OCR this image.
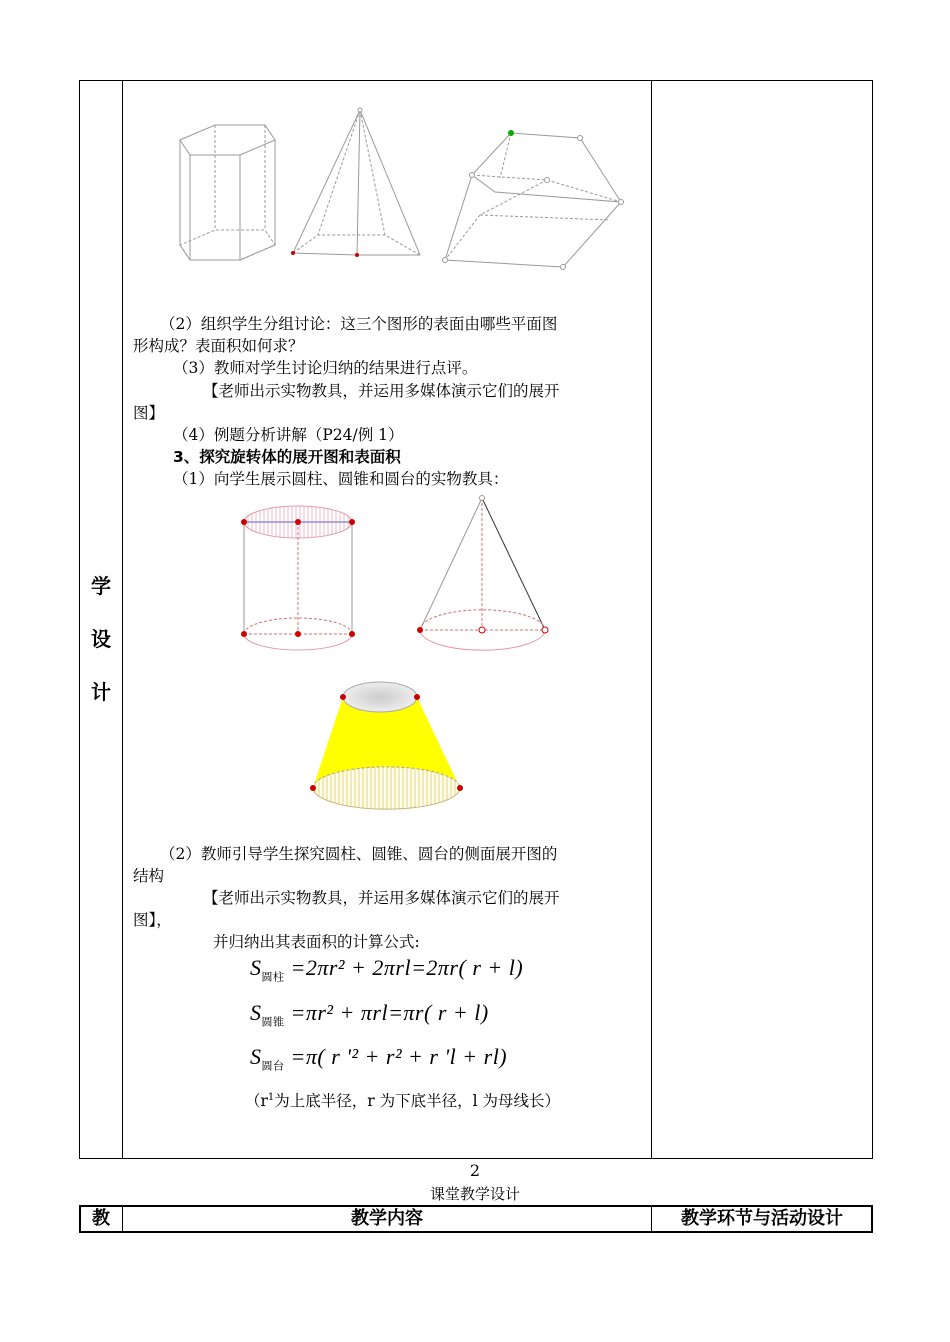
学
设
计
（2）组织学生分组讨论：这三个图形的表面由哪些平面图
形构成？表面积如何求？
（3）教师对学生讨论归纳的结果进行点评。
【老师出示实物教具，并运用多媒体演示它们的展开
图】
（4）例题分析讲解（P24/例 1）
3、探究旋转体的展开图和表面积
（1）向学生展示圆柱、圆锥和圆台的实物教具：
（2）教师引导学生探究圆柱、圆锥、圆台的侧面展开图的
结构
【老师出示实物教具，并运用多媒体演示它们的展开
图】，
并归纳出其表面积的计算公式:
$S_{圆柱} =2\pi r^2 + 2\pi rl=2\pi r$( r + l)
$S_{圆锥} =\pi r^2 + \pi rl=\pi r$( r + l)
$S_{圆台} =\pi$( r '² + r² + r 'l + rl)
（$r^1$为上底半径，r 为下底半径，l 为母线长）
2
课堂教学设计
教	教学内容	教学环节与活动设计
